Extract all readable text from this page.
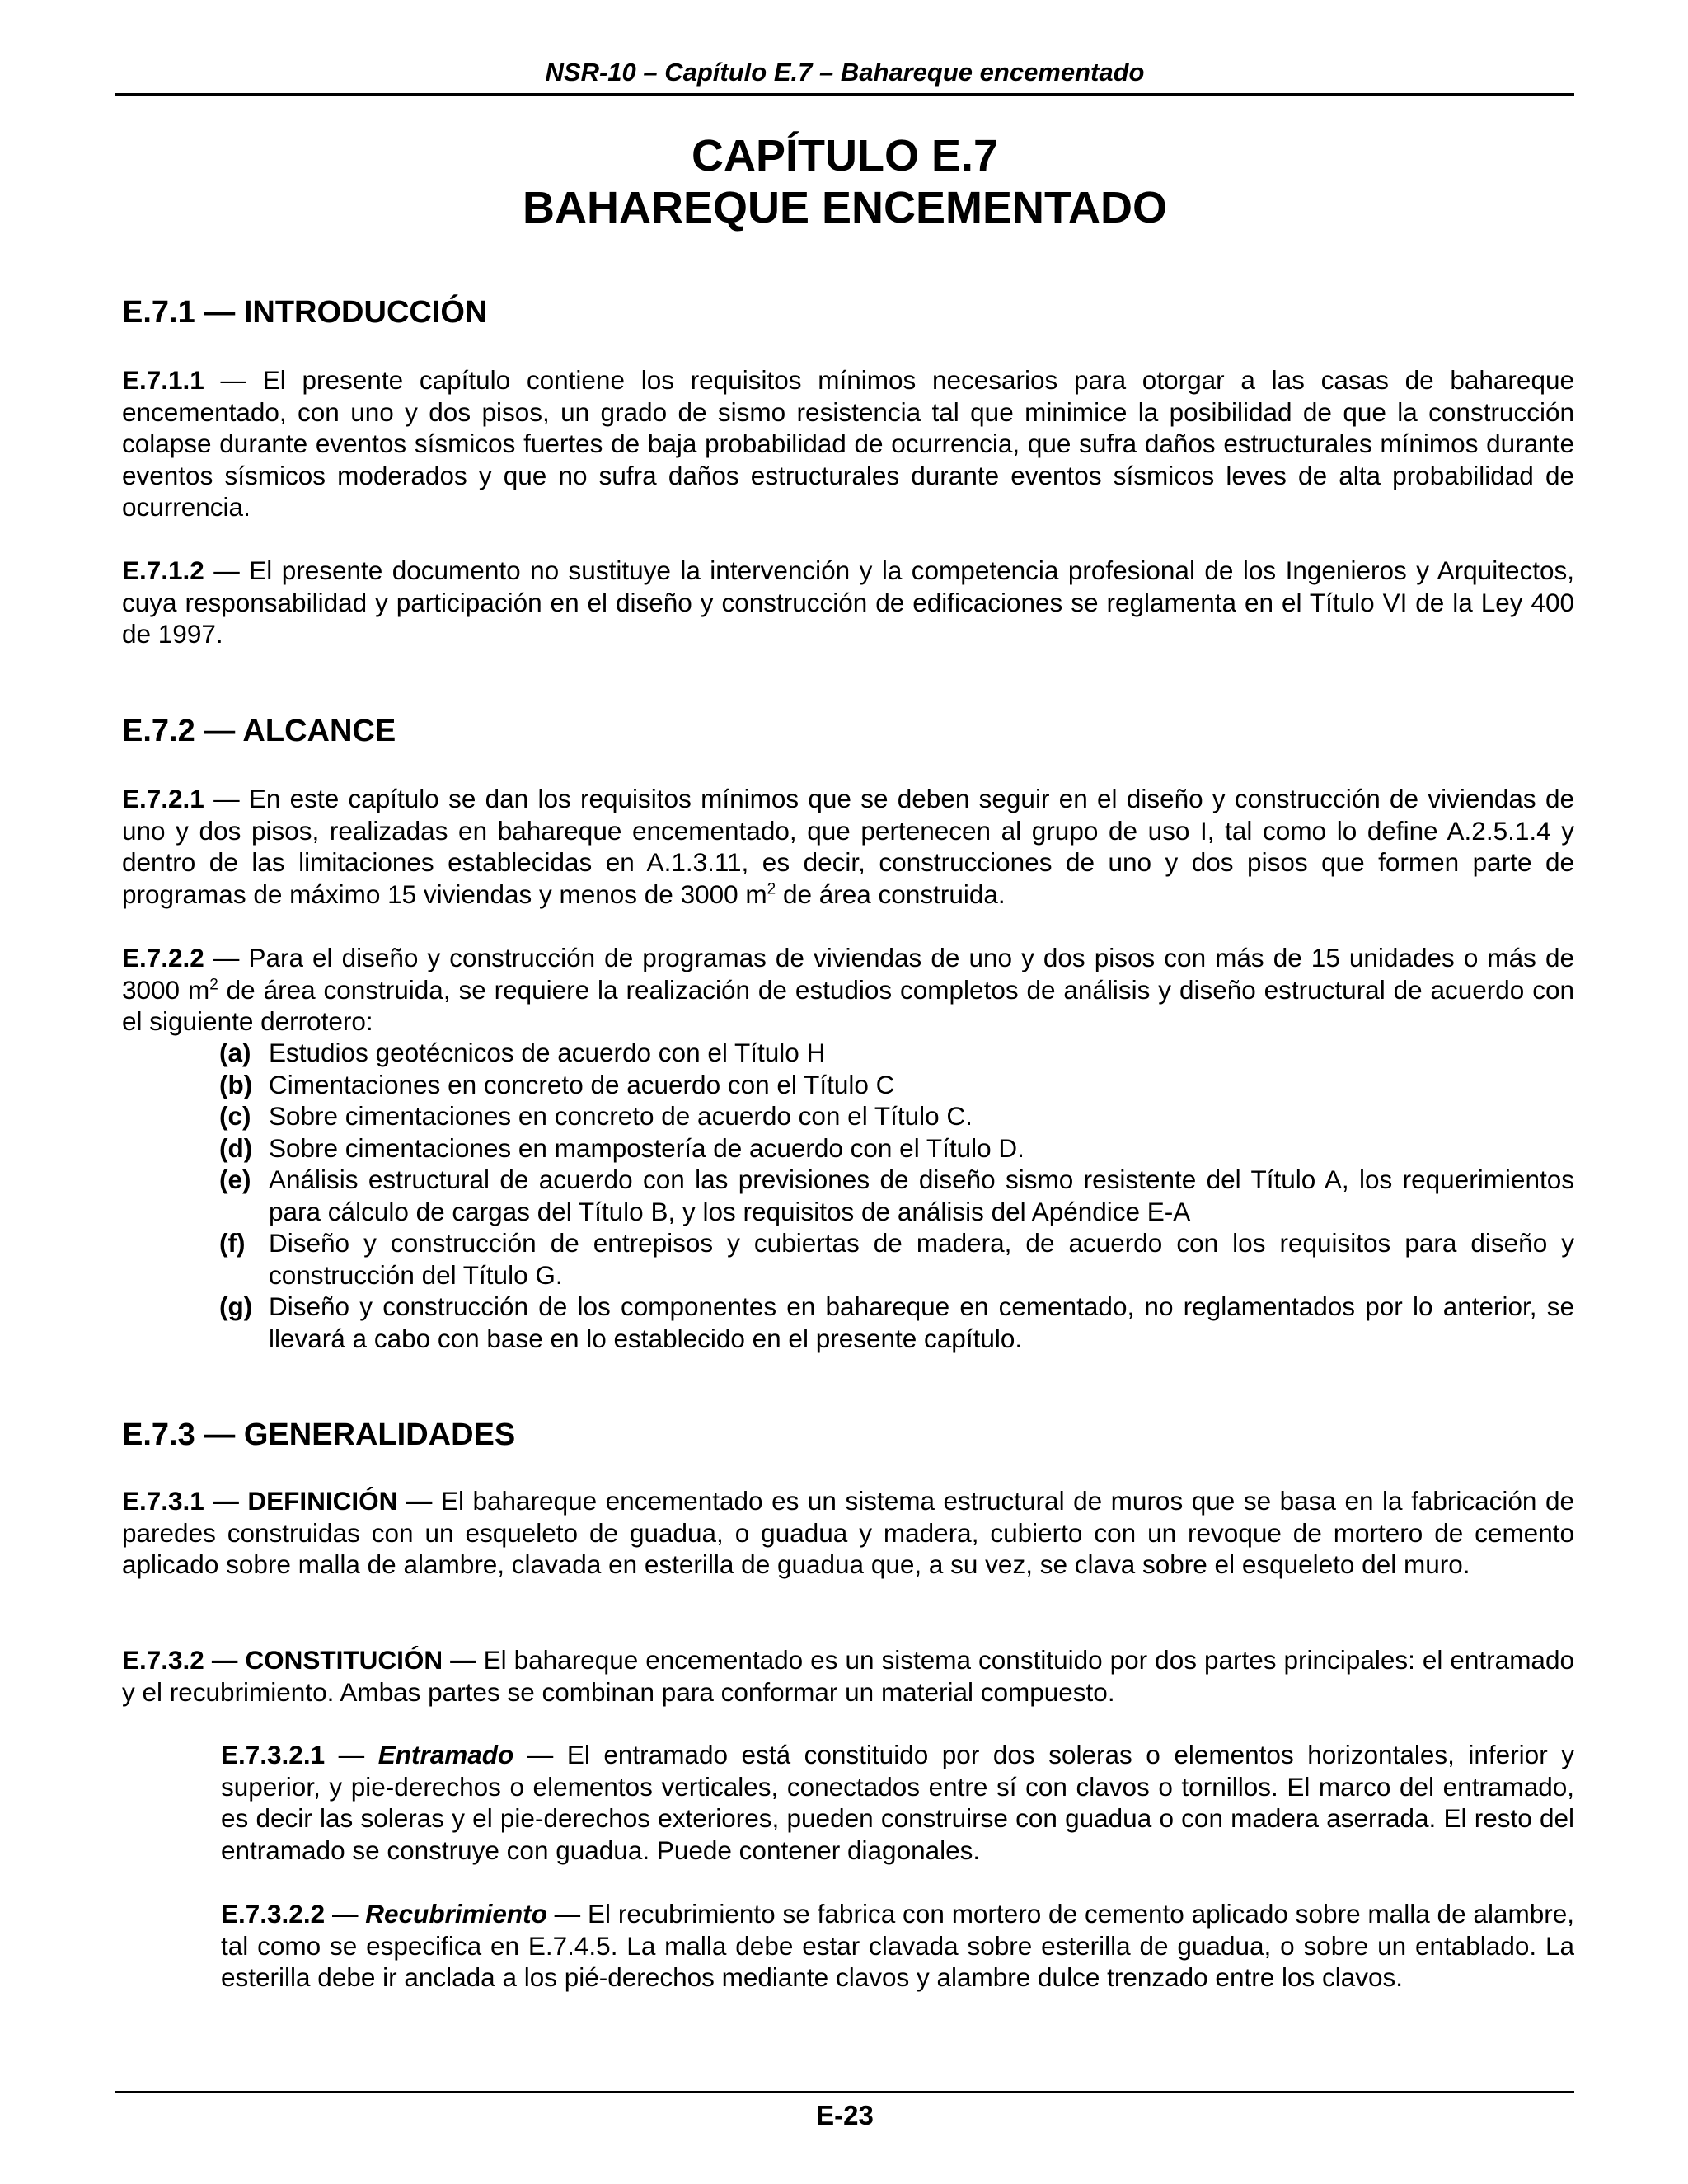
NSR-10 – Capítulo E.7 – Bahareque encementado
CAPÍTULO E.7
BAHAREQUE ENCEMENTADO
E.7.1 — INTRODUCCIÓN
E.7.1.1 — El presente capítulo contiene los requisitos mínimos necesarios para otorgar a las casas de bahareque encementado, con uno y dos pisos, un grado de sismo resistencia tal que minimice la posibilidad de que la construcción colapse durante eventos sísmicos fuertes de baja probabilidad de ocurrencia, que sufra daños estructurales mínimos durante eventos sísmicos moderados y que no sufra daños estructurales durante eventos sísmicos leves de alta probabilidad de ocurrencia.
E.7.1.2 — El presente documento no sustituye la intervención y la competencia profesional de los Ingenieros y Arquitectos, cuya responsabilidad y participación en el diseño y construcción de edificaciones se reglamenta en el Título VI de la Ley 400 de 1997.
E.7.2 — ALCANCE
E.7.2.1 — En este capítulo se dan los requisitos mínimos que se deben seguir en el diseño y construcción de viviendas de uno y dos pisos, realizadas en bahareque encementado, que pertenecen al grupo de uso I, tal como lo define A.2.5.1.4 y dentro de las limitaciones establecidas en A.1.3.11, es decir, construcciones de uno y dos pisos que formen parte de programas de máximo 15 viviendas y menos de 3000 $m^2$ de área construida.
E.7.2.2 — Para el diseño y construcción de programas de viviendas de uno y dos pisos con más de 15 unidades o más de 3000 $m^2$ de área construida, se requiere la realización de estudios completos de análisis y diseño estructural de acuerdo con el siguiente derrotero:
(a) Estudios geotécnicos de acuerdo con el Título H
(b) Cimentaciones en concreto de acuerdo con el Título C
(c) Sobre cimentaciones en concreto de acuerdo con el Título C.
(d) Sobre cimentaciones en mampostería de acuerdo con el Título D.
(e) Análisis estructural de acuerdo con las previsiones de diseño sismo resistente del Título A, los requerimientos para cálculo de cargas del Título B, y los requisitos de análisis del Apéndice E-A
(f) Diseño y construcción de entrepisos y cubiertas de madera, de acuerdo con los requisitos para diseño y construcción del Título G.
(g) Diseño y construcción de los componentes en bahareque en cementado, no reglamentados por lo anterior, se llevará a cabo con base en lo establecido en el presente capítulo.
E.7.3 — GENERALIDADES
E.7.3.1 — DEFINICIÓN — El bahareque encementado es un sistema estructural de muros que se basa en la fabricación de paredes construidas con un esqueleto de guadua, o guadua y madera, cubierto con un revoque de mortero de cemento aplicado sobre malla de alambre, clavada en esterilla de guadua que, a su vez, se clava sobre el esqueleto del muro.
E.7.3.2 — CONSTITUCIÓN — El bahareque encementado es un sistema constituido por dos partes principales: el entramado y el recubrimiento. Ambas partes se combinan para conformar un material compuesto.
E.7.3.2.1 — Entramado — El entramado está constituido por dos soleras o elementos horizontales, inferior y superior, y pie-derechos o elementos verticales, conectados entre sí con clavos o tornillos. El marco del entramado, es decir las soleras y el pie-derechos exteriores, pueden construirse con guadua o con madera aserrada. El resto del entramado se construye con guadua. Puede contener diagonales.
E.7.3.2.2 — Recubrimiento — El recubrimiento se fabrica con mortero de cemento aplicado sobre malla de alambre, tal como se especifica en E.7.4.5. La malla debe estar clavada sobre esterilla de guadua, o sobre un entablado. La esterilla debe ir anclada a los pié-derechos mediante clavos y alambre dulce trenzado entre los clavos.
E-23
